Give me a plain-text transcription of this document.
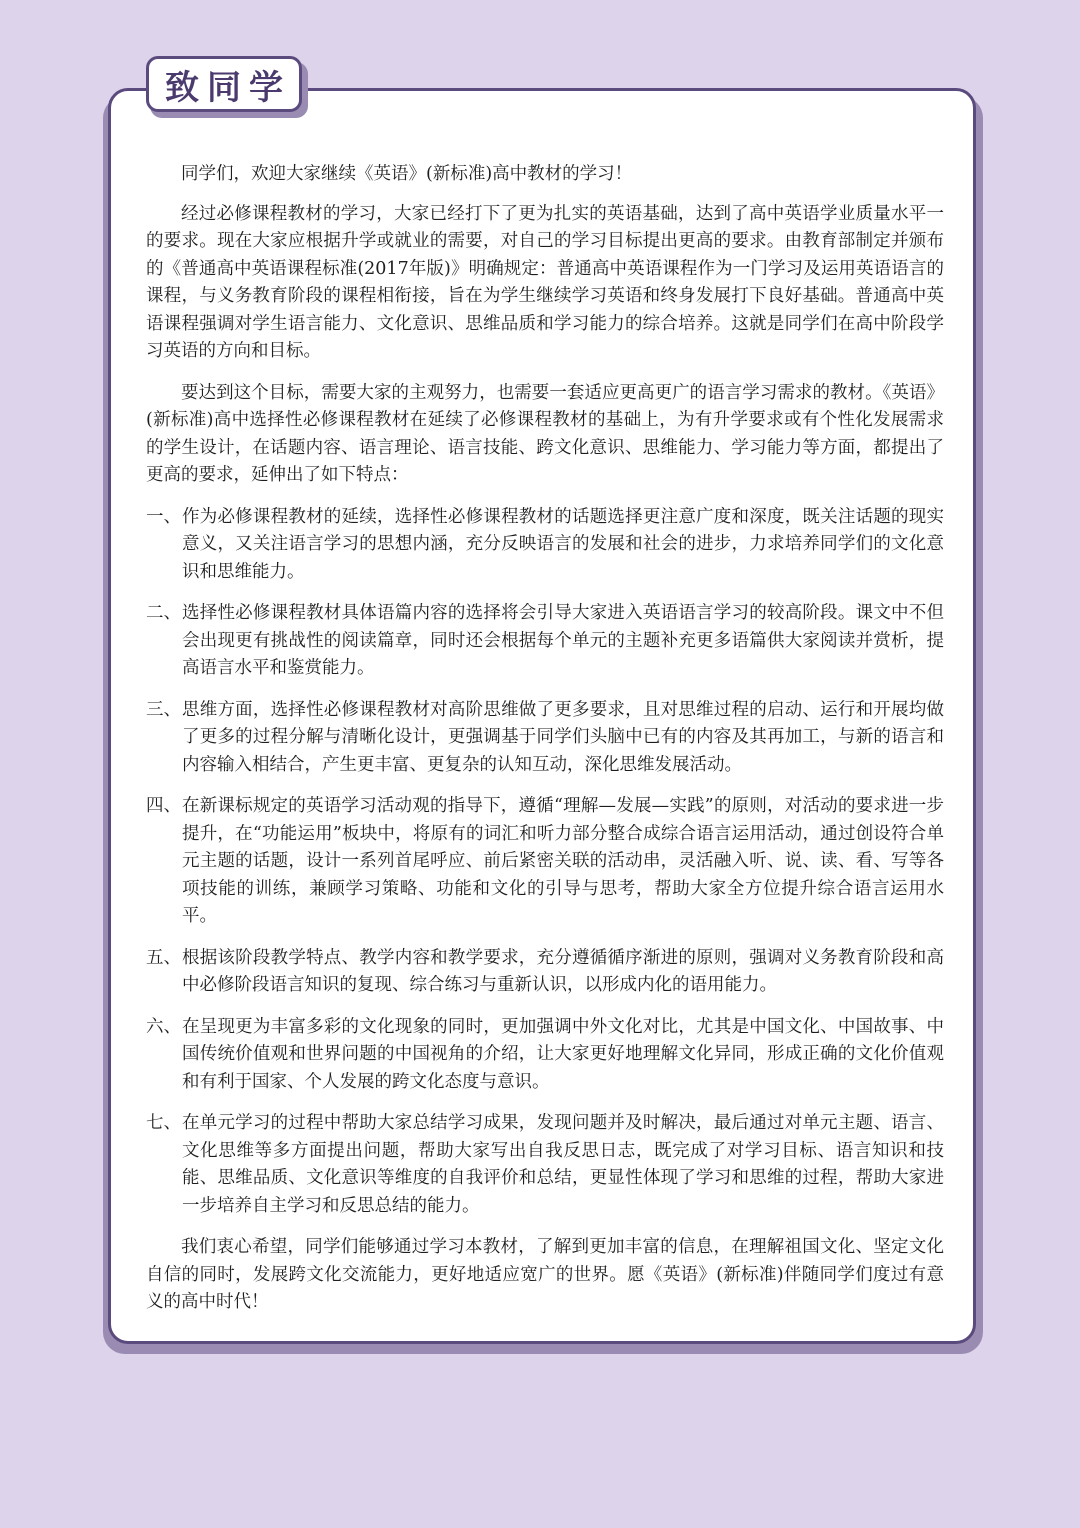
致同学

同学们，欢迎大家继续《英语》(新标准)高中教材的学习！

经过必修课程教材的学习，大家已经打下了更为扎实的英语基础，达到了高中英语学业质量水平一的要求。现在大家应根据升学或就业的需要，对自己的学习目标提出更高的要求。由教育部制定并颁布的《普通高中英语课程标准(2017年版)》明确规定：普通高中英语课程作为一门学习及运用英语语言的课程，与义务教育阶段的课程相衔接，旨在为学生继续学习英语和终身发展打下良好基础。普通高中英语课程强调对学生语言能力、文化意识、思维品质和学习能力的综合培养。这就是同学们在高中阶段学习英语的方向和目标。

要达到这个目标，需要大家的主观努力，也需要一套适应更高更广的语言学习需求的教材。《英语》(新标准)高中选择性必修课程教材在延续了必修课程教材的基础上，为有升学要求或有个性化发展需求的学生设计，在话题内容、语言理论、语言技能、跨文化意识、思维能力、学习能力等方面，都提出了更高的要求，延伸出了如下特点：

一、 作为必修课程教材的延续，选择性必修课程教材的话题选择更注意广度和深度，既关注话题的现实意义，又关注语言学习的思想内涵，充分反映语言的发展和社会的进步，力求培养同学们的文化意识和思维能力。
二、 选择性必修课程教材具体语篇内容的选择将会引导大家进入英语语言学习的较高阶段。课文中不但会出现更有挑战性的阅读篇章，同时还会根据每个单元的主题补充更多语篇供大家阅读并赏析，提高语言水平和鉴赏能力。
三、 思维方面，选择性必修课程教材对高阶思维做了更多要求，且对思维过程的启动、运行和开展均做了更多的过程分解与清晰化设计，更强调基于同学们头脑中已有的内容及其再加工，与新的语言和内容输入相结合，产生更丰富、更复杂的认知互动，深化思维发展活动。
四、 在新课标规定的英语学习活动观的指导下，遵循“理解—发展—实践”的原则，对活动的要求进一步提升，在“功能运用”板块中，将原有的词汇和听力部分整合成综合语言运用活动，通过创设符合单元主题的话题，设计一系列首尾呼应、前后紧密关联的活动串，灵活融入听、说、读、看、写等各项技能的训练，兼顾学习策略、功能和文化的引导与思考，帮助大家全方位提升综合语言运用水平。
五、 根据该阶段教学特点、教学内容和教学要求，充分遵循循序渐进的原则，强调对义务教育阶段和高中必修阶段语言知识的复现、综合练习与重新认识，以形成内化的语用能力。
六、 在呈现更为丰富多彩的文化现象的同时，更加强调中外文化对比，尤其是中国文化、中国故事、中国传统价值观和世界问题的中国视角的介绍，让大家更好地理解文化异同，形成正确的文化价值观和有利于国家、个人发展的跨文化态度与意识。
七、 在单元学习的过程中帮助大家总结学习成果，发现问题并及时解决，最后通过对单元主题、语言、文化思维等多方面提出问题，帮助大家写出自我反思日志，既完成了对学习目标、语言知识和技能、思维品质、文化意识等维度的自我评价和总结，更显性体现了学习和思维的过程，帮助大家进一步培养自主学习和反思总结的能力。

我们衷心希望，同学们能够通过学习本教材，了解到更加丰富的信息，在理解祖国文化、坚定文化自信的同时，发展跨文化交流能力，更好地适应宽广的世界。愿《英语》(新标准)伴随同学们度过有意义的高中时代！
